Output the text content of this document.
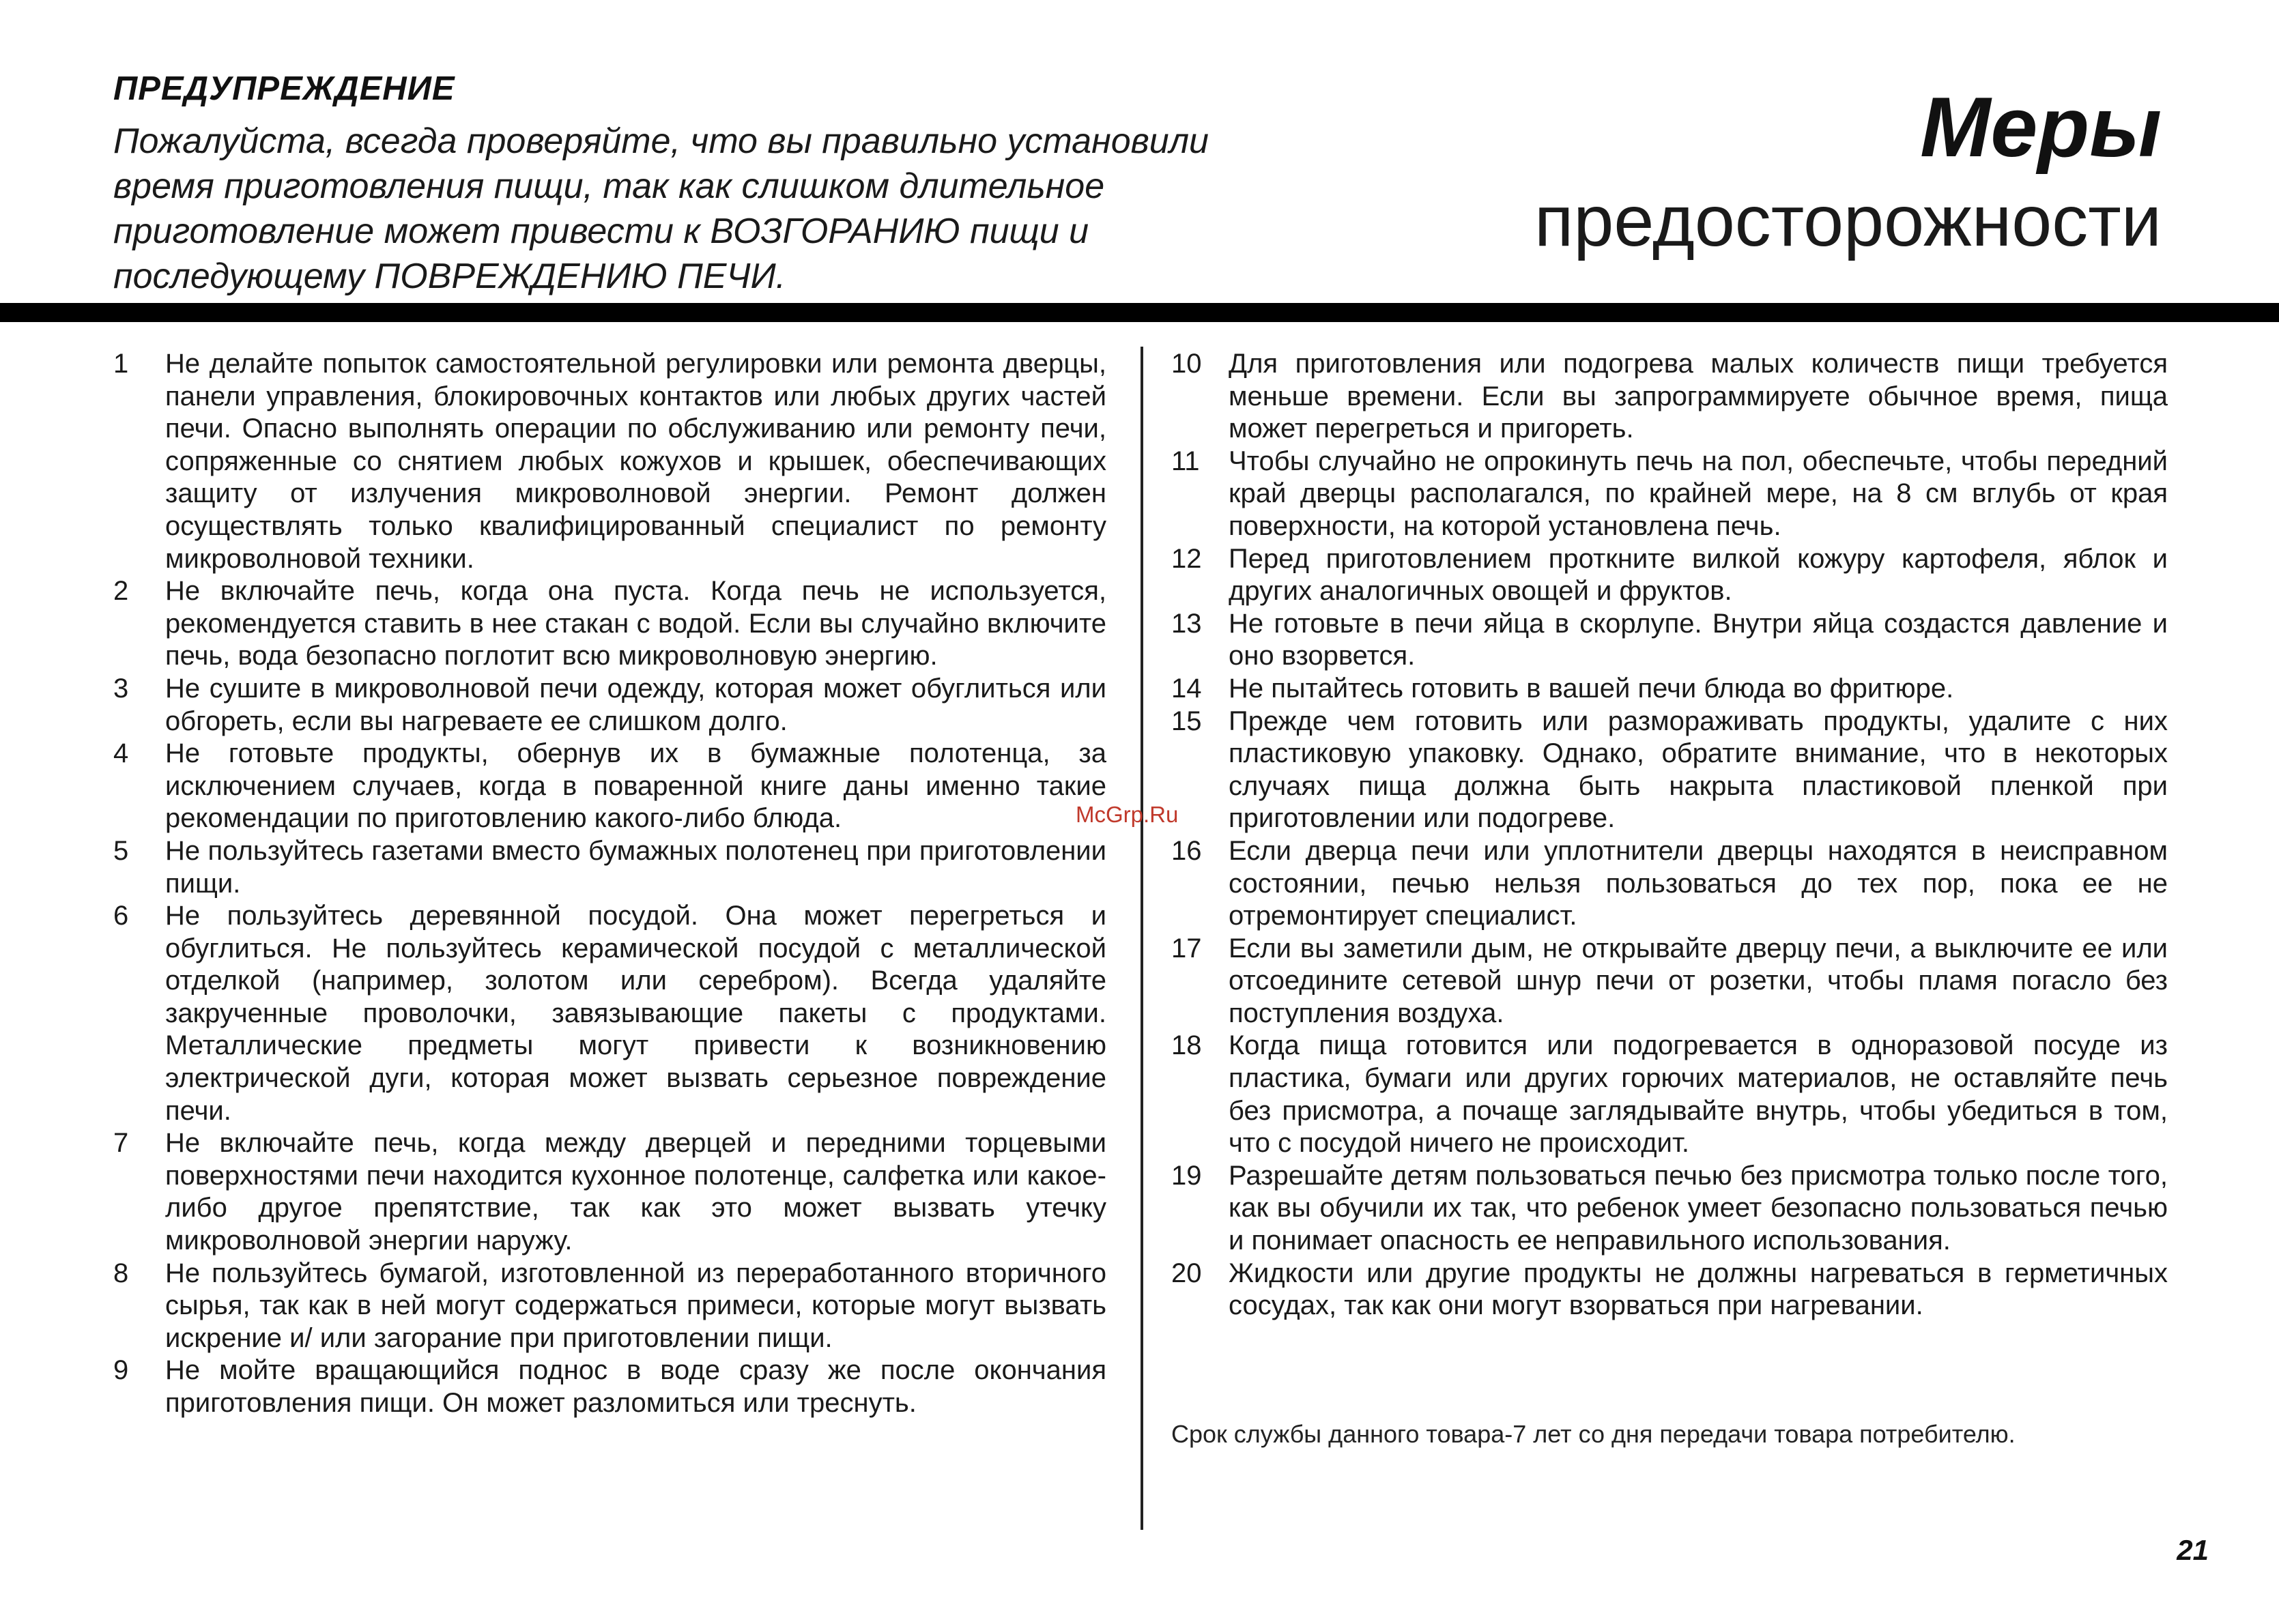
ПРЕДУПРЕЖДЕНИЕ

Пожалуйста, всегда проверяйте, что вы правильно установили время приготовления пищи, так как слишком длительное приготовление может привести к ВОЗГОРАНИЮ пищи и последующему ПОВРЕЖДЕНИЮ ПЕЧИ.

Меры
предосторожности
1	Не делайте попыток самостоятельной регулировки или ремонта дверцы, панели управления, блокировочных контактов или любых других частей печи. Опасно выполнять операции по обслуживанию или ремонту печи, сопряженные со снятием любых кожухов и крышек, обеспечивающих защиту от излучения микроволновой энергии. Ремонт должен осуществлять только квалифицированный специалист по ремонту микроволновой техники.
2	Не включайте печь, когда она пуста. Когда печь не используется, рекомендуется ставить в нее стакан с водой. Если вы случайно включите печь, вода безопасно поглотит всю микроволновую энергию.
3	Не сушите в микроволновой печи одежду, которая может обуглиться или обгореть, если вы нагреваете ее слишком долго.
4	Не готовьте продукты, обернув их в бумажные полотенца, за исключением случаев, когда в поваренной книге даны именно такие рекомендации по приготовлению какого-либо блюда.
5	Не пользуйтесь газетами вместо бумажных полотенец при приготовлении пищи.
6	Не пользуйтесь деревянной посудой. Она может перегреться и обуглиться. Не пользуйтесь керамической посудой с металлической отделкой (например, золотом или серебром). Всегда удаляйте закрученные проволочки, завязывающие пакеты с продуктами. Металлические предметы могут привести к возникновению электрической дуги, которая может вызвать серьезное повреждение печи.
7	Не включайте печь, когда между дверцей и передними торцевыми поверхностями печи находится кухонное полотенце, салфетка или какое-либо другое препятствие, так как это может вызвать утечку микроволновой энергии наружу.
8	Не пользуйтесь бумагой, изготовленной из переработанного вторичного сырья, так как в ней могут содержаться примеси, которые могут вызвать искрение и/ или загорание при приготовлении пищи.
9	Не мойте вращающийся поднос в воде сразу же после окончания приготовления пищи. Он может разломиться или треснуть.
10 Для приготовления или подогрева малых количеств пищи требуется меньше времени. Если вы запрограммируете обычное время, пища может перегреться и пригореть.
11	Чтобы случайно не опрокинуть печь на пол, обеспечьте, чтобы передний край дверцы располагался, по крайней мере, на 8 см вглубь от края поверхности, на которой установлена печь.
12 Перед приготовлением проткните вилкой кожуру картофеля, яблок и других аналогичных овощей и фруктов.
13 Не готовьте в печи яйца в скорлупе. Внутри яйца создастся давление и оно взорвется.
14 Не пытайтесь готовить в вашей печи блюда во фритюре.
15 Прежде чем готовить или размораживать продукты, удалите с них пластиковую упаковку. Однако, обратите внимание, что в некоторых случаях пища должна быть накрыта пластиковой пленкой при приготовлении или подогреве.
16 Если дверца печи или уплотнители дверцы находятся в неисправном состоянии, печью нельзя пользоваться до тех пор, пока ее не отремонтирует специалист.
17 Если вы заметили дым, не открывайте дверцу печи, а выключите ее или отсоедините сетевой шнур печи от розетки, чтобы пламя погасло без поступления воздуха.
18 Когда пища готовится или подогревается в одноразовой посуде из пластика, бумаги или других горючих материалов, не оставляйте печь без присмотра, а почаще заглядывайте внутрь, чтобы убедиться в том, что с посудой ничего не происходит.
19 Разрешайте детям пользоваться печью без присмотра только после того, как вы обучили их так, что ребенок умеет безопасно пользоваться печью и понимает опасность ее неправильного использования.
20 Жидкости или другие продукты не должны нагреваться в герметичных сосудах, так как они могут взорваться при нагревании.
Срок службы данного товара-7 лет со дня передачи товара потребителю.
McGrp.Ru
21
